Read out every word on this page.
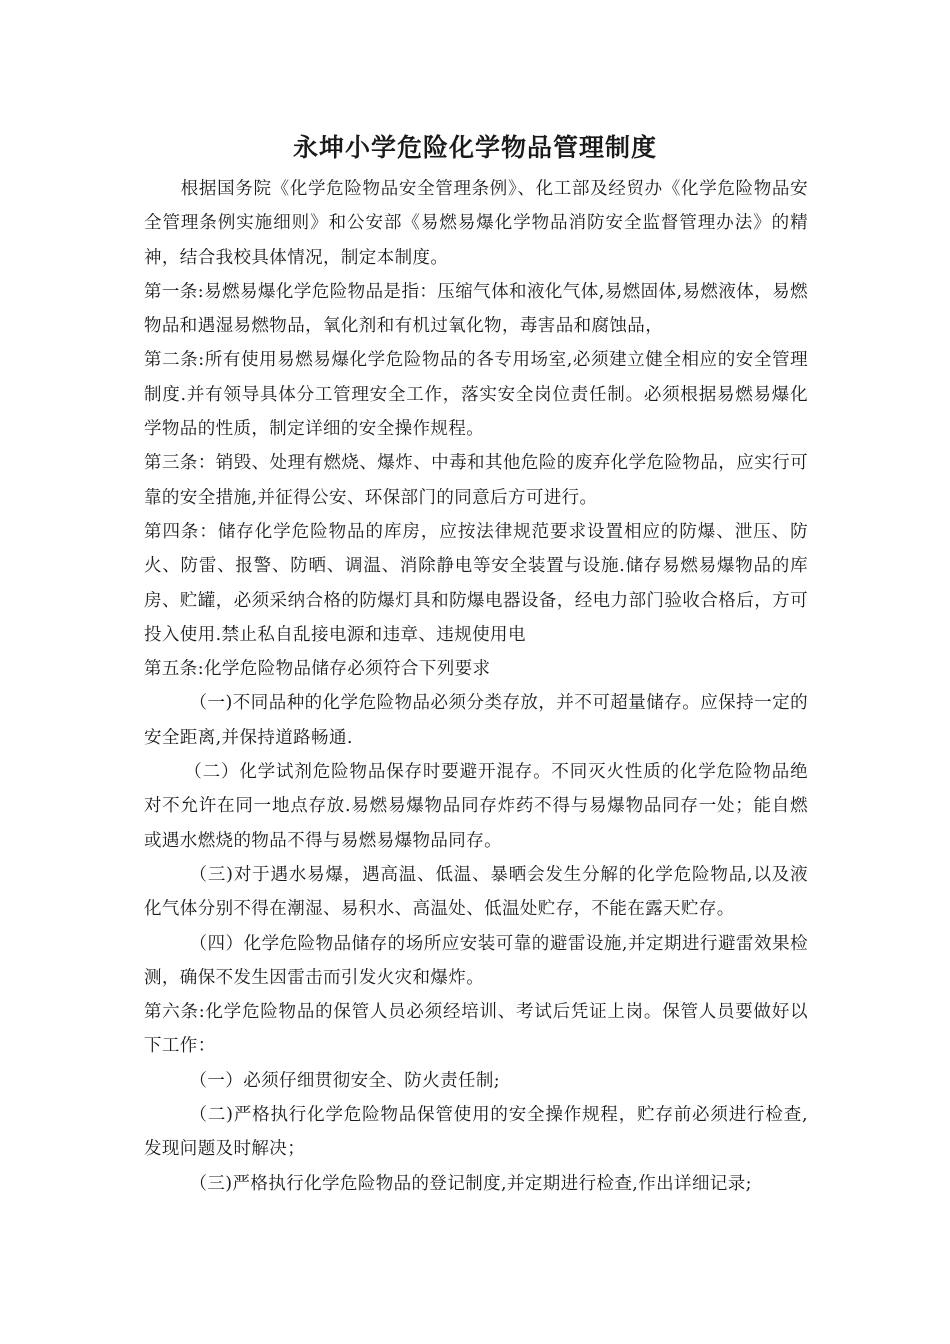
永坤小学危险化学物品管理制度

根据国务院《化学危险物品安全管理条例》、化工部及经贸办《化学危险物品安全管理条例实施细则》和公安部《易燃易爆化学物品消防安全监督管理办法》的精神，结合我校具体情况，制定本制度。

第一条:易燃易爆化学危险物品是指：压缩气体和液化气体,易燃固体,易燃液体，易燃物品和遇湿易燃物品，氧化剂和有机过氧化物，毒害品和腐蚀品，

第二条:所有使用易燃易爆化学危险物品的各专用场室,必须建立健全相应的安全管理制度.并有领导具体分工管理安全工作，落实安全岗位责任制。必须根据易燃易爆化学物品的性质，制定详细的安全操作规程。

第三条：销毁、处理有燃烧、爆炸、中毒和其他危险的废弃化学危险物品，应实行可靠的安全措施,并征得公安、环保部门的同意后方可进行。

第四条：储存化学危险物品的库房，应按法律规范要求设置相应的防爆、泄压、防火、防雷、报警、防晒、调温、消除静电等安全装置与设施.储存易燃易爆物品的库房、贮罐，必须采纳合格的防爆灯具和防爆电器设备，经电力部门验收合格后，方可投入使用.禁止私自乱接电源和违章、违规使用电

第五条:化学危险物品储存必须符合下列要求

（一)不同品种的化学危险物品必须分类存放，并不可超量储存。应保持一定的安全距离,并保持道路畅通.

（二）化学试剂危险物品保存时要避开混存。不同灭火性质的化学危险物品绝对不允许在同一地点存放.易燃易爆物品同存炸药不得与易爆物品同存一处；能自燃或遇水燃烧的物品不得与易燃易爆物品同存。

（三)对于遇水易爆，遇高温、低温、暴晒会发生分解的化学危险物品,以及液化气体分别不得在潮湿、易积水、高温处、低温处贮存，不能在露天贮存。

（四）化学危险物品储存的场所应安装可靠的避雷设施,并定期进行避雷效果检测，确保不发生因雷击而引发火灾和爆炸。

第六条:化学危险物品的保管人员必须经培训、考试后凭证上岗。保管人员要做好以下工作：

（一）必须仔细贯彻安全、防火责任制;

（二)严格执行化学危险物品保管使用的安全操作规程，贮存前必须进行检查,发现问题及时解决；

（三)严格执行化学危险物品的登记制度,并定期进行检查,作出详细记录;
